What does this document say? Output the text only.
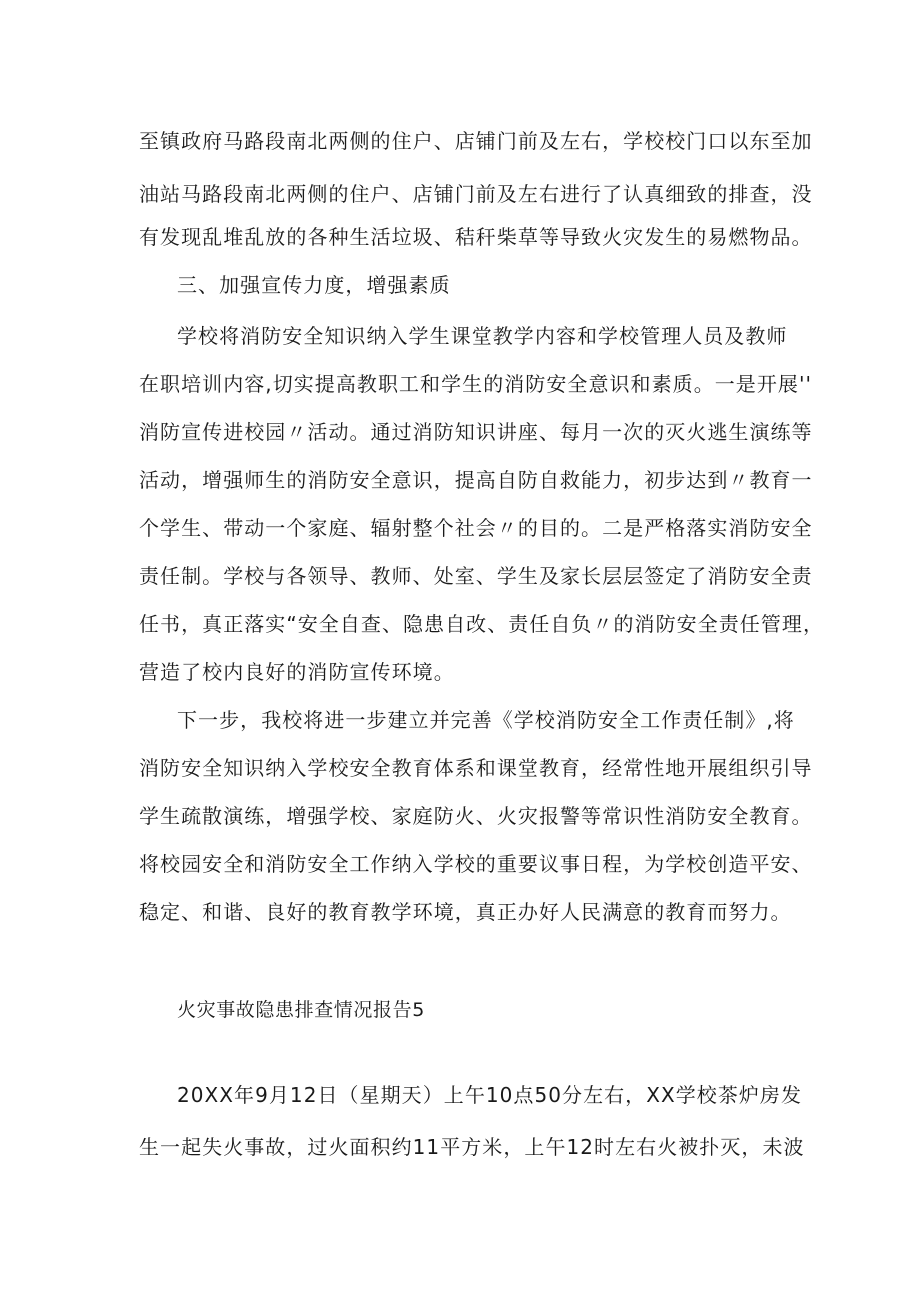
至镇政府马路段南北两侧的住户、店铺门前及左右，学校校门口以东至加
油站马路段南北两侧的住户、店铺门前及左右进行了认真细致的排查，没
有发现乱堆乱放的各种生活垃圾、秸秆柴草等导致火灾发生的易燃物品。
三、加强宣传力度，增强素质
学校将消防安全知识纳入学生课堂教学内容和学校管理人员及教师
在职培训内容,切实提高教职工和学生的消防安全意识和素质。一是开展''
消防宣传进校园〃活动。通过消防知识讲座、每月一次的灭火逃生演练等
活动，增强师生的消防安全意识，提高自防自救能力，初步达到〃教育一
个学生、带动一个家庭、辐射整个社会〃的目的。二是严格落实消防安全
责任制。学校与各领导、教师、处室、学生及家长层层签定了消防安全责
任书，真正落实“安全自查、隐患自改、责任自负〃的消防安全责任管理，
营造了校内良好的消防宣传环境。
下一步，我校将进一步建立并完善《学校消防安全工作责任制》,将
消防安全知识纳入学校安全教育体系和课堂教育，经常性地开展组织引导
学生疏散演练，增强学校、家庭防火、火灾报警等常识性消防安全教育。
将校园安全和消防安全工作纳入学校的重要议事日程，为学校创造平安、
稳定、和谐、良好的教育教学环境，真正办好人民满意的教育而努力。
火灾事故隐患排查情况报告5
20XX年9月12日（星期天）上午10点50分左右，XX学校茶炉房发
生一起失火事故，过火面积约11平方米，上午12时左右火被扑灭，未波
